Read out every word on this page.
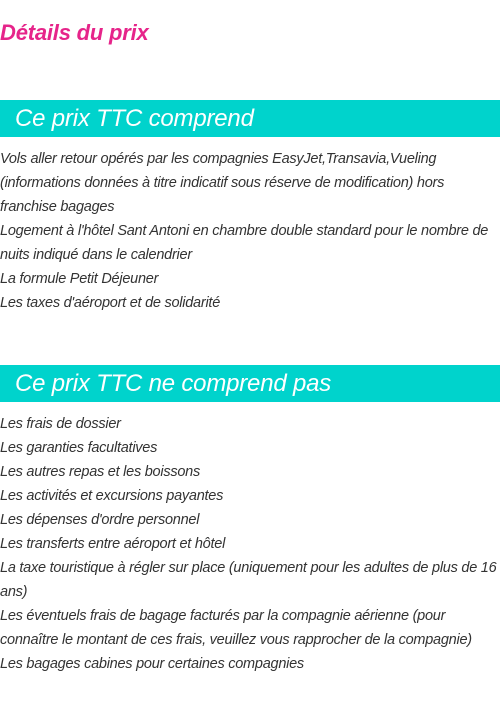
Détails du prix
Ce prix TTC comprend
Vols aller retour opérés par les compagnies EasyJet,Transavia,Vueling (informations données à titre indicatif sous réserve de modification) hors franchise bagages
Logement à l'hôtel Sant Antoni en chambre double standard pour le nombre de nuits indiqué dans le calendrier
La formule Petit Déjeuner
Les taxes d'aéroport et de solidarité
Ce prix TTC ne comprend pas
Les frais de dossier
Les garanties facultatives
Les autres repas et les boissons
Les activités et excursions payantes
Les dépenses d'ordre personnel
Les transferts entre aéroport et hôtel
La taxe touristique à régler sur place (uniquement pour les adultes de plus de 16 ans)
Les éventuels frais de bagage facturés par la compagnie aérienne (pour connaître le montant de ces frais, veuillez vous rapprocher de la compagnie)
Les bagages cabines pour certaines compagnies
